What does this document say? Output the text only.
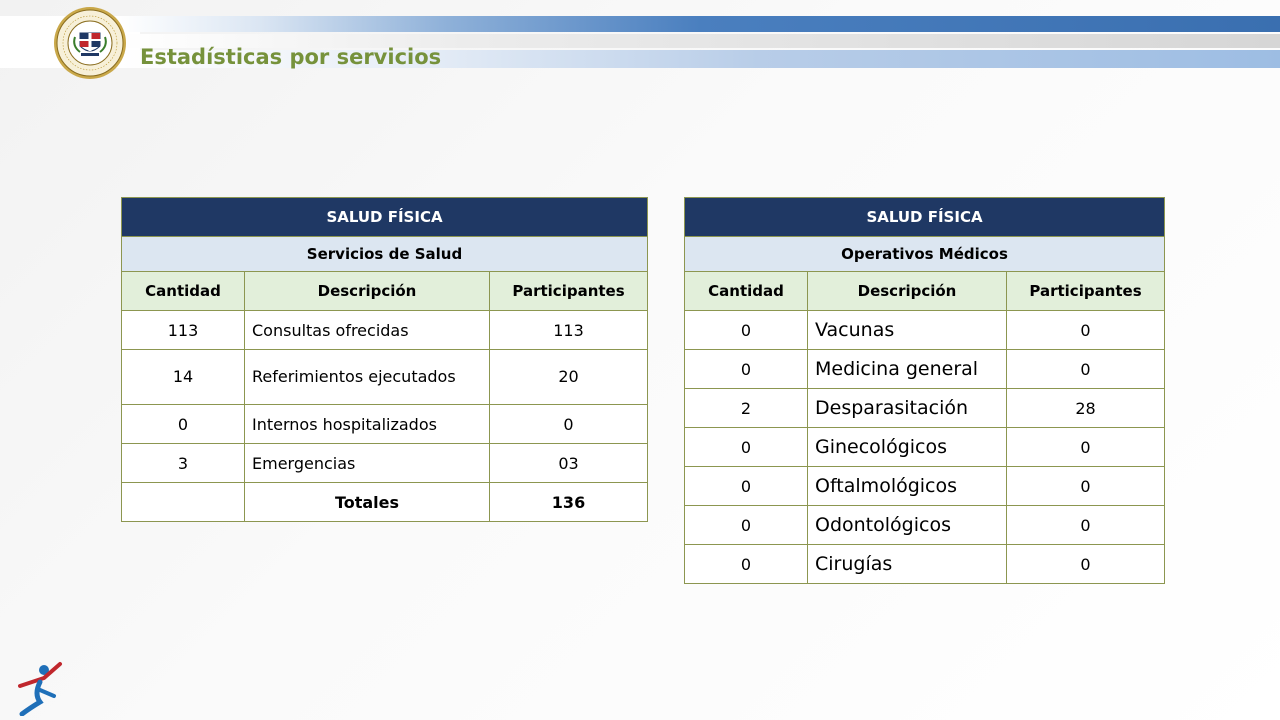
Estadísticas por servicios
SALUD FÍSICA		
Servicios de Salud		
Cantidad	Descripción	Participantes
113	Consultas ofrecidas	113
14	Referimientos ejecutados	20
0	Internos hospitalizados	0
3	Emergencias	03
	Totales	136
SALUD FÍSICA		
Operativos Médicos		
Cantidad	Descripción	Participantes
0	Vacunas	0
0	Medicina general	0
2	Desparasitación	28
0	Ginecológicos	0
0	Oftalmológicos	0
0	Odontológicos	0
0	Cirugías	0
